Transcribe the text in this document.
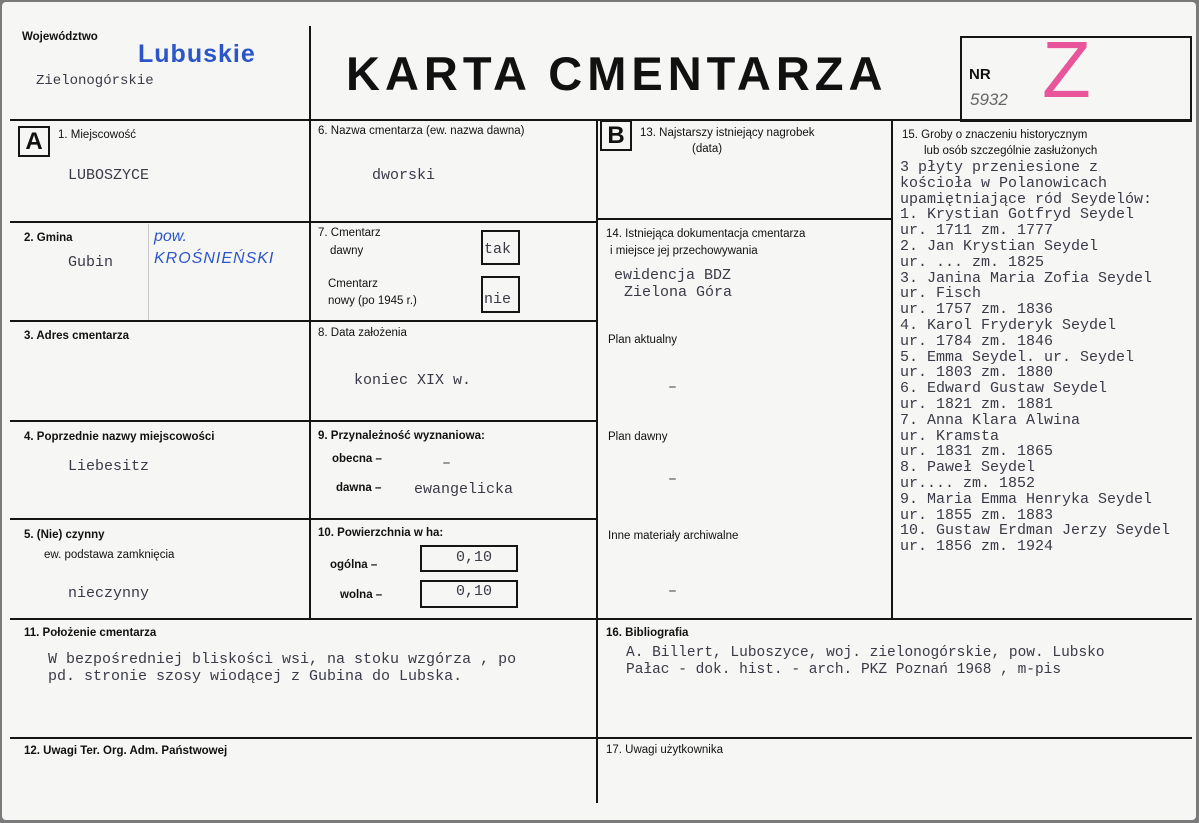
Województwo
Lubuskie
Zielonogórskie	KARTA CMENTARZA	NR
5932 Z
A	B
1. Miejscowość
LUBOSZYCE
2. Gmina
Gubin
pow.
KROŚNIEŃSKI
3. Adres cmentarza
4. Poprzednie nazwy miejscowości
Liebesitz
5. (Nie) czynny
ew. podstawa zamknięcia
nieczynny
6. Nazwa cmentarza (ew. nazwa dawna)
dworski
7. Cmentarz
dawny	tak
Cmentarz
nowy (po 1945 r.)	nie
8. Data założenia
koniec XIX w.
9. Przynależność wyznaniowa:
obecna –	–
dawna – ewangelicka
10. Powierzchnia w ha:
ogólna –	0,10
wolna –	0,10
11. Położenie cmentarza
W bezpośredniej bliskości wsi, na stoku wzgórza , po
pd. stronie szosy wiodącej z Gubina do Lubska.
12. Uwagi Ter. Org. Adm. Państwowej
13. Najstarszy istniejący nagrobek
(data)
14. Istniejąca dokumentacja cmentarza
i miejsce jej przechowywania
ewidencja BDZ
Zielona Góra
Plan aktualny
–
Plan dawny
–
Inne materiały archiwalne
–
15. Groby o znaczeniu historycznym
lub osób szczególnie zasłużonych
3 płyty przeniesione z
kościoła w Polanowicach
upamiętniające ród Seydelów:
1. Krystian Gotfryd Seydel
ur. 1711 zm. 1777
2. Jan Krystian Seydel
ur. ... zm. 1825
3. Janina Maria Zofia Seydel
ur. Fisch
ur. 1757 zm. 1836
4. Karol Fryderyk Seydel
ur. 1784 zm. 1846
5. Emma Seydel. ur. Seydel
ur. 1803 zm. 1880
6. Edward Gustaw Seydel
ur. 1821 zm. 1881
7. Anna Klara Alwina
ur. Kramsta
ur. 1831 zm. 1865
8. Paweł Seydel
ur.... zm. 1852
9. Maria Emma Henryka Seydel
ur. 1855 zm. 1883
10. Gustaw Erdman Jerzy Seydel
ur. 1856 zm. 1924
16. Bibliografia
A. Billert, Luboszyce, woj. zielonogórskie, pow. Lubsko
Pałac - dok. hist. - arch. PKZ Poznań 1968 , m-pis
17. Uwagi użytkownika
